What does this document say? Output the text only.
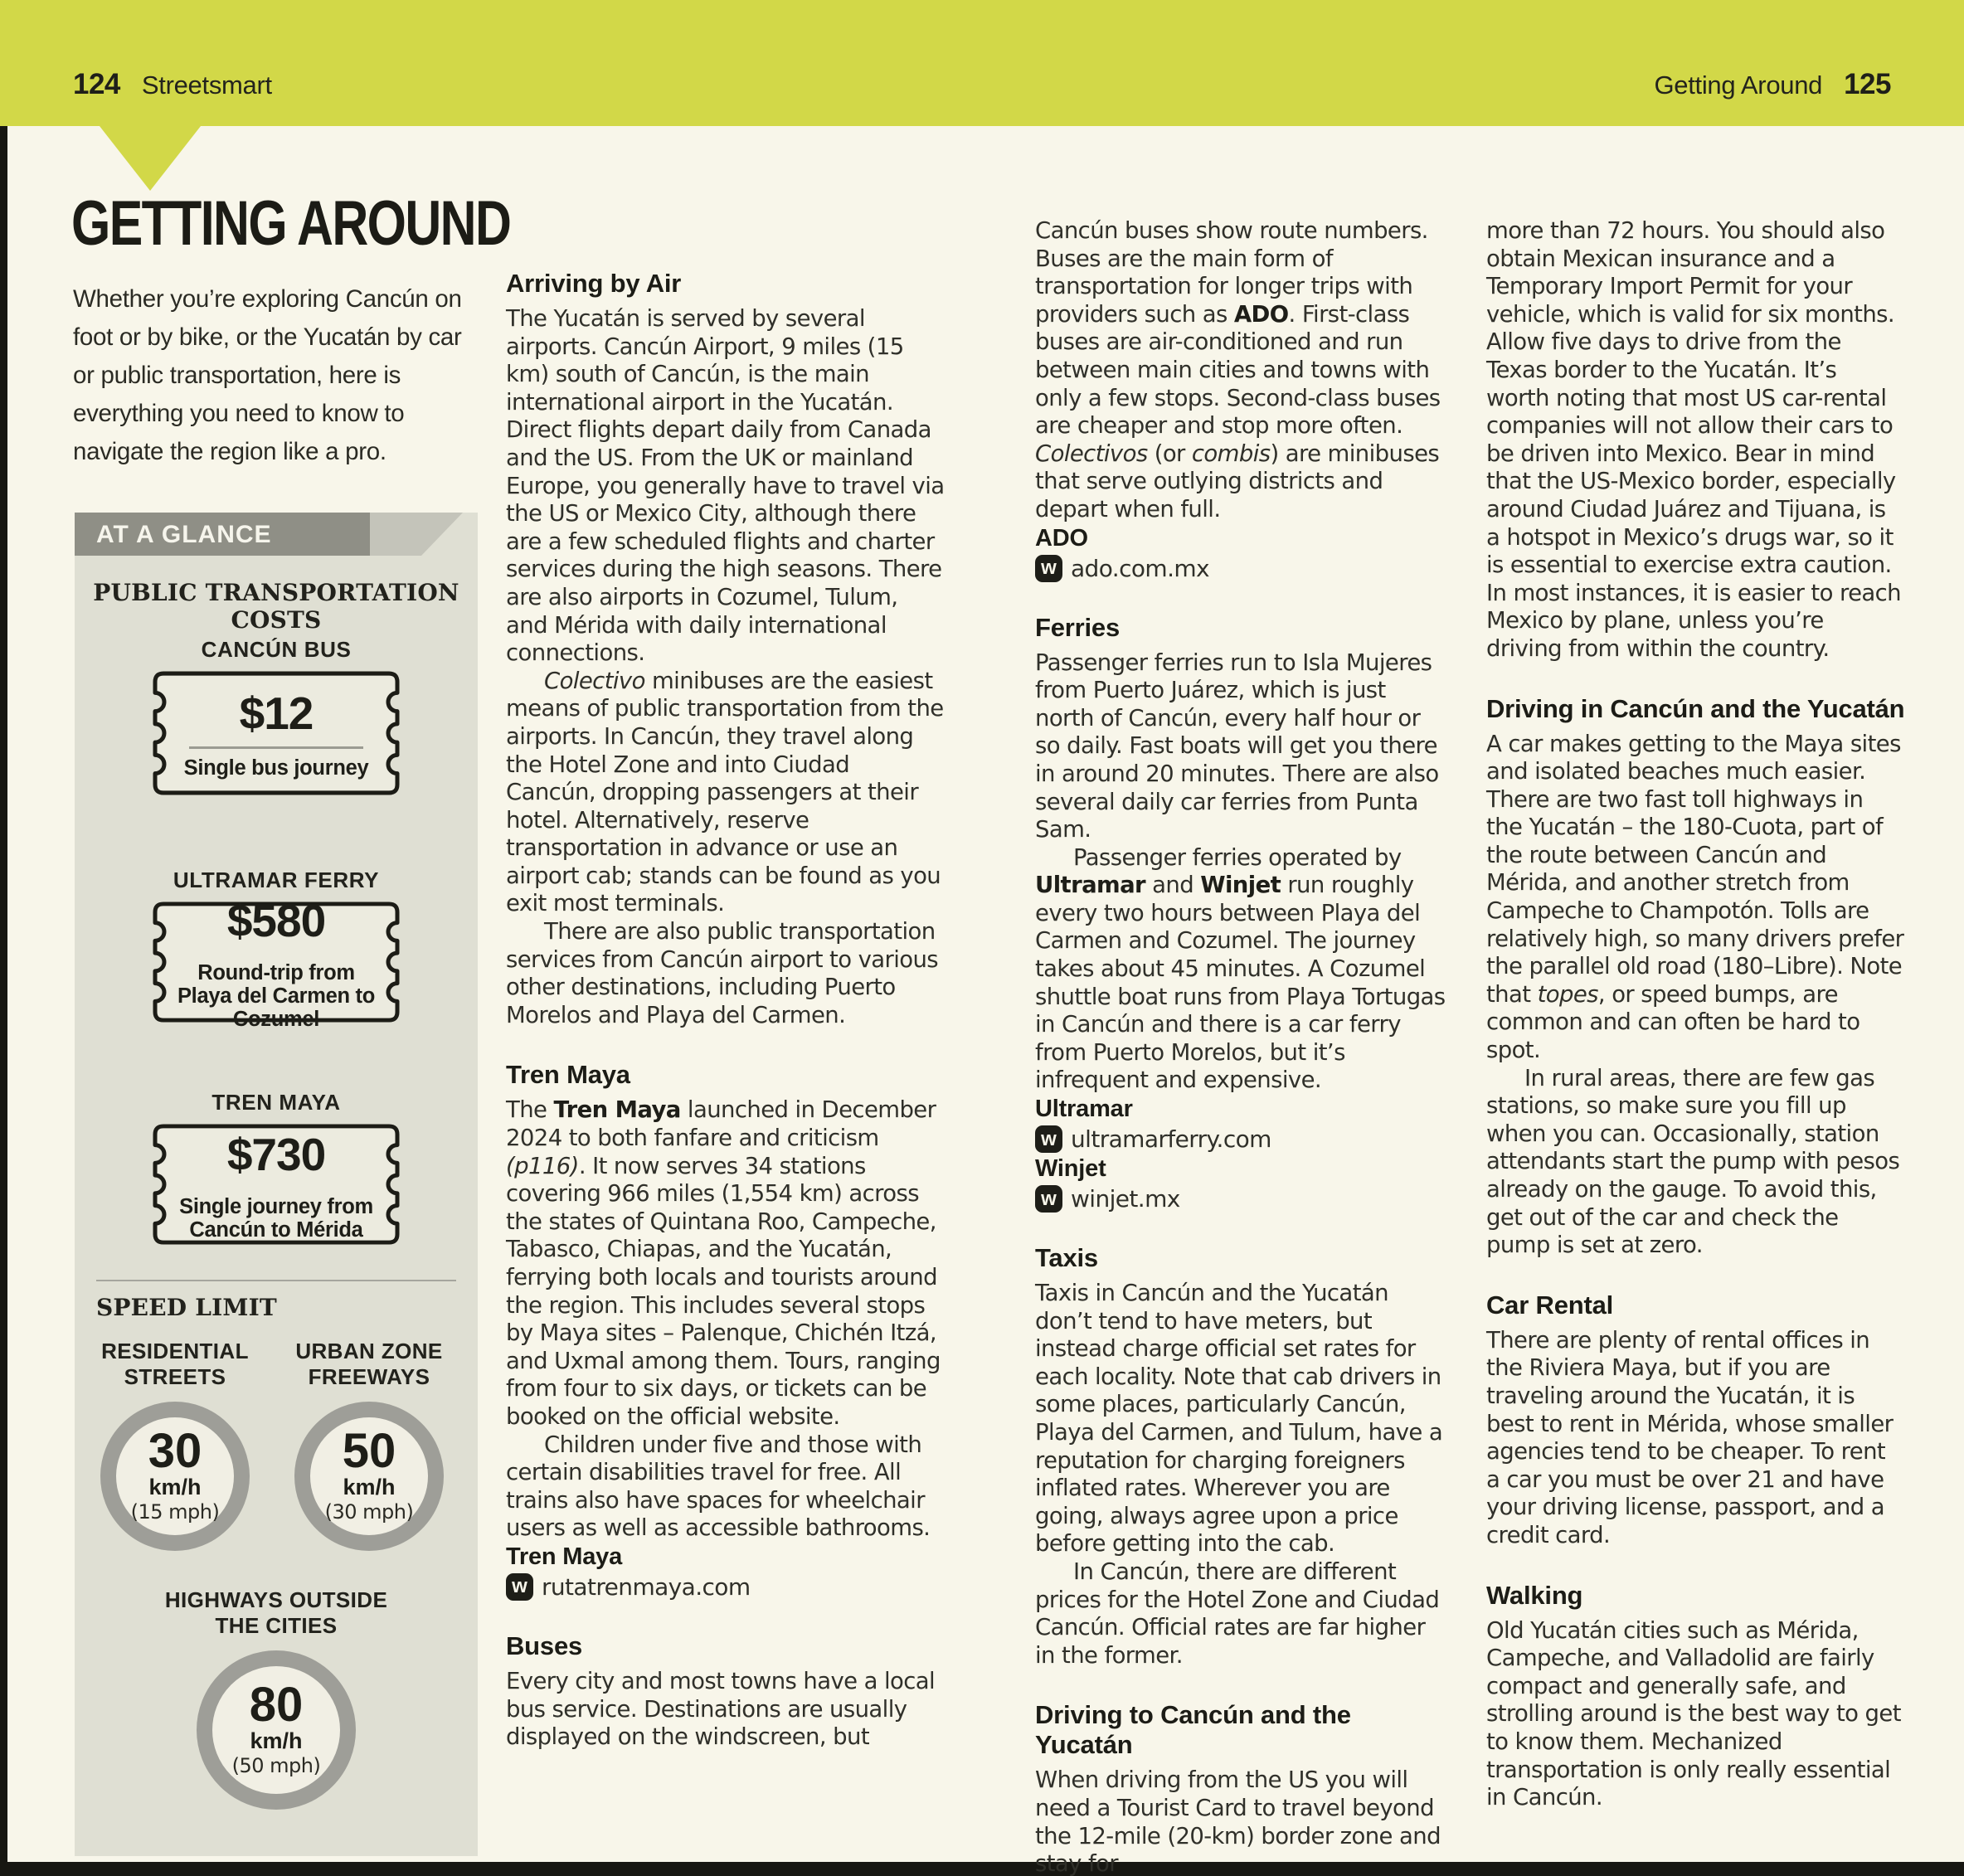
124 Streetsmart	Getting Around 125
GETTING AROUND
Whether you’re exploring Cancún on foot or by bike, or the Yucatán by car or public transportation, here is everything you need to know to navigate the region like a pro.
AT A GLANCE
PUBLIC TRANSPORTATION COSTS
CANCÚN BUS
$12
Single bus journey
ULTRAMAR FERRY
$580
Round-trip from Playa del Carmen to Cozumel
TREN MAYA
$730
Single journey from Cancún to Mérida
SPEED LIMIT
RESIDENTIAL STREETS
30
km/h
(15 mph)
URBAN ZONE FREEWAYS
50
km/h
(30 mph)
HIGHWAYS OUTSIDE THE CITIES
80
km/h
(50 mph)
Arriving by Air

The Yucatán is served by several airports. Cancún Airport, 9 miles (15 km) south of Cancún, is the main international airport in the Yucatán. Direct flights depart daily from Canada and the US. From the UK or mainland Europe, you generally have to travel via the US or Mexico City, although there are a few scheduled flights and charter services during the high seasons. There are also airports in Cozumel, Tulum, and Mérida with daily international connections.

Colectivo minibuses are the easiest means of public transportation from the airports. In Cancún, they travel along the Hotel Zone and into Ciudad Cancún, dropping passengers at their hotel. Alternatively, reserve transportation in advance or use an airport cab; stands can be found as you exit most terminals.

There are also public transportation services from Cancún airport to various other destinations, including Puerto Morelos and Playa del Carmen.

Tren Maya

The Tren Maya launched in December 2024 to both fanfare and criticism (p116). It now serves 34 stations covering 966 miles (1,554 km) across the states of Quintana Roo, Campeche, Tabasco, Chiapas, and the Yucatán, ferrying both locals and tourists around the region. This includes several stops by Maya sites – Palenque, Chichén Itzá, and Uxmal among them. Tours, ranging from four to six days, or tickets can be booked on the official website.

Children under five and those with certain disabilities travel for free. All trains also have spaces for wheelchair users as well as accessible bathrooms.

Tren Maya

w rutatrenmaya.com
Buses

Every city and most towns have a local bus service. Destinations are usually displayed on the windscreen, but

Cancún buses show route numbers. Buses are the main form of transportation for longer trips with providers such as ADO. First-class buses are air-conditioned and run between main cities and towns with only a few stops. Second-class buses are cheaper and stop more often. Colectivos (or combis) are minibuses that serve outlying districts and depart when full.

ADO

w ado.com.mx
Ferries

Passenger ferries run to Isla Mujeres from Puerto Juárez, which is just north of Cancún, every half hour or so daily. Fast boats will get you there in around 20 minutes. There are also several daily car ferries from Punta Sam.

Passenger ferries operated by Ultramar and Winjet run roughly every two hours between Playa del Carmen and Cozumel. The journey takes about 45 minutes. A Cozumel shuttle boat runs from Playa Tortugas in Cancún and there is a car ferry from Puerto Morelos, but it’s infrequent and expensive.

Ultramar

w ultramarferry.com

Winjet

w winjet.mx
Taxis

Taxis in Cancún and the Yucatán don’t tend to have meters, but instead charge official set rates for each locality. Note that cab drivers in some places, particularly Cancún, Playa del Carmen, and Tulum, have a reputation for charging foreigners inflated rates. Wherever you are going, always agree upon a price before getting into the cab.

In Cancún, there are different prices for the Hotel Zone and Ciudad Cancún. Official rates are far higher in the former.

Driving to Cancún and the Yucatán

When driving from the US you will need a Tourist Card to travel beyond the 12-mile (20-km) border zone and stay for

more than 72 hours. You should also obtain Mexican insurance and a Temporary Import Permit for your vehicle, which is valid for six months. Allow five days to drive from the Texas border to the Yucatán. It’s worth noting that most US car-rental companies will not allow their cars to be driven into Mexico. Bear in mind that the US-Mexico border, especially around Ciudad Juárez and Tijuana, is a hotspot in Mexico’s drugs war, so it is essential to exercise extra caution. In most instances, it is easier to reach Mexico by plane, unless you’re driving from within the country.

Driving in Cancún and the Yucatán

A car makes getting to the Maya sites and isolated beaches much easier. There are two fast toll highways in the Yucatán – the 180-Cuota, part of the route between Cancún and Mérida, and another stretch from Campeche to Champotón. Tolls are relatively high, so many drivers prefer the parallel old road (180–Libre). Note that topes, or speed bumps, are common and can often be hard to spot.

In rural areas, there are few gas stations, so make sure you fill up when you can. Occasionally, station attendants start the pump with pesos already on the gauge. To avoid this, get out of the car and check the pump is set at zero.

Car Rental

There are plenty of rental offices in the Riviera Maya, but if you are traveling around the Yucatán, it is best to rent in Mérida, whose smaller agencies tend to be cheaper. To rent a car you must be over 21 and have your driving license, passport, and a credit card.

Walking

Old Yucatán cities such as Mérida, Campeche, and Valladolid are fairly compact and generally safe, and strolling around is the best way to get to know them. Mechanized transportation is only really essential in Cancún.
